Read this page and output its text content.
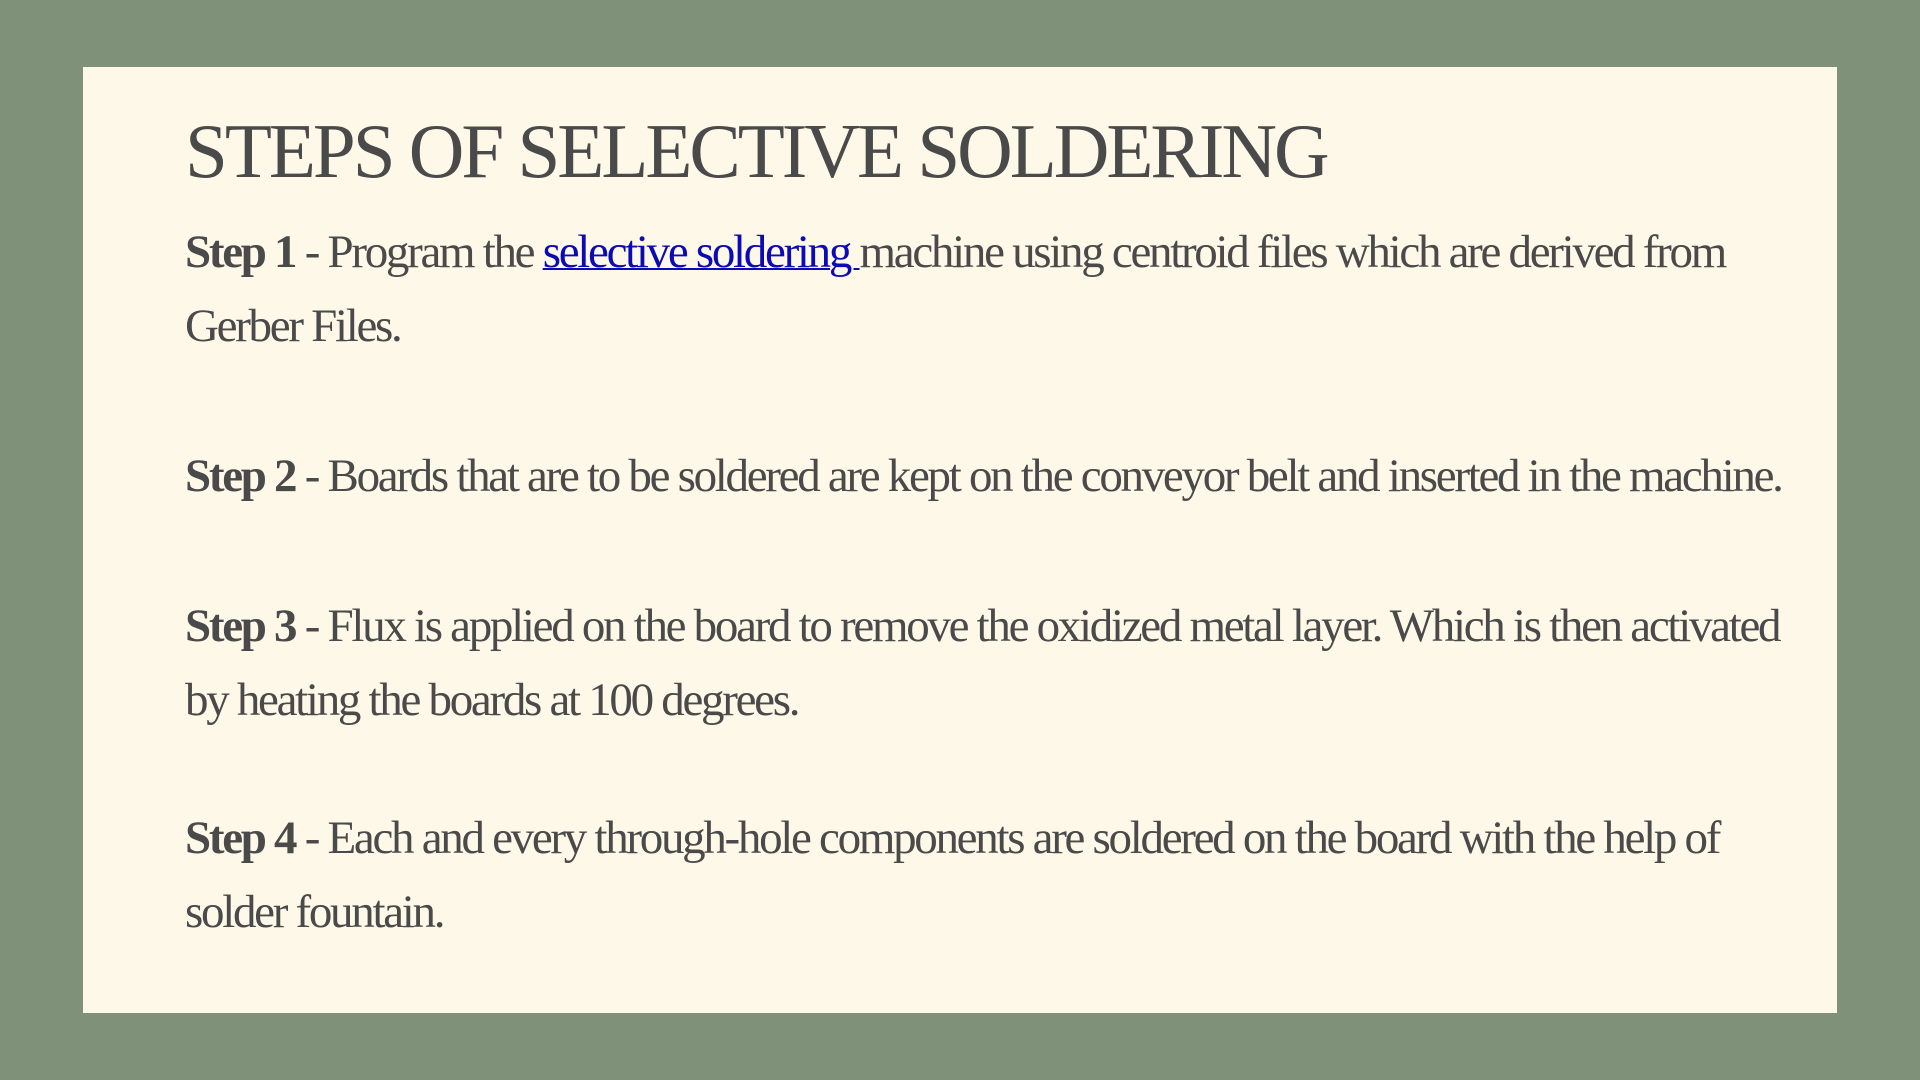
STEPS OF SELECTIVE SOLDERING

Step 1 - Program the selective soldering machine using centroid files which are derived from Gerber Files.

Step 2 - Boards that are to be soldered are kept on the conveyor belt and inserted in the machine.

Step 3 - Flux is applied on the board to remove the oxidized metal layer. Which is then activated by heating the boards at 100 degrees.

Step 4 - Each and every through-hole components are soldered on the board with the help of solder fountain.
